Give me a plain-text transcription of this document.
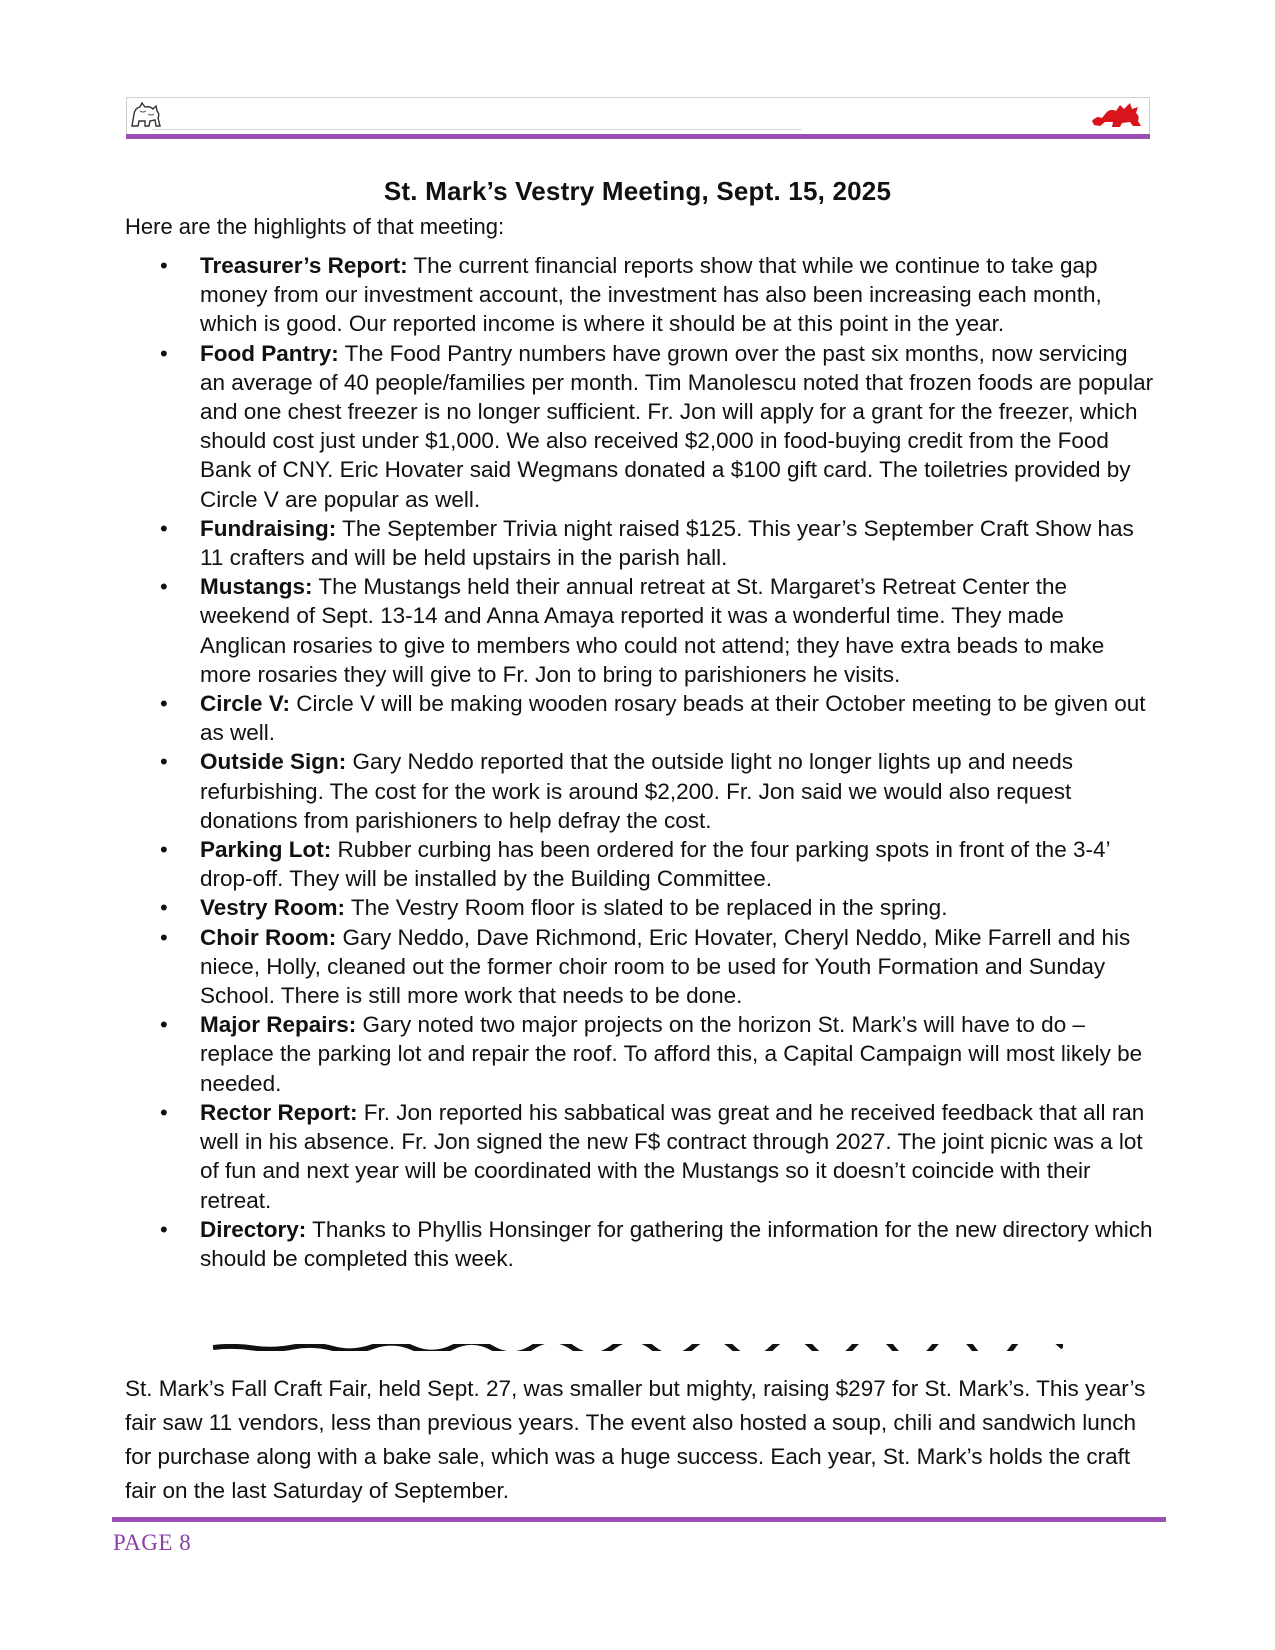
St. Mark’s Vestry Meeting, Sept. 15, 2025
Here are the highlights of that meeting:
• Treasurer’s Report: The current financial reports show that while we continue to take gap money from our investment account, the investment has also been increasing each month, which is good. Our reported income is where it should be at this point in the year.
• Food Pantry: The Food Pantry numbers have grown over the past six months, now servicing an average of 40 people/families per month. Tim Manolescu noted that frozen foods are popular and one chest freezer is no longer sufficient. Fr. Jon will apply for a grant for the freezer, which should cost just under $1,000. We also received $2,000 in food-buying credit from the Food Bank of CNY. Eric Hovater said Wegmans donated a $100 gift card. The toiletries provided by Circle V are popular as well.
• Fundraising: The September Trivia night raised $125. This year’s September Craft Show has 11 crafters and will be held upstairs in the parish hall.
• Mustangs: The Mustangs held their annual retreat at St. Margaret’s Retreat Center the weekend of Sept. 13-14 and Anna Amaya reported it was a wonderful time. They made Anglican rosaries to give to members who could not attend; they have extra beads to make more rosaries they will give to Fr. Jon to bring to parishioners he visits.
• Circle V: Circle V will be making wooden rosary beads at their October meeting to be given out as well.
• Outside Sign: Gary Neddo reported that the outside light no longer lights up and needs refurbishing. The cost for the work is around $2,200. Fr. Jon said we would also request donations from parishioners to help defray the cost.
• Parking Lot: Rubber curbing has been ordered for the four parking spots in front of the 3-4’ drop-off. They will be installed by the Building Committee.
• Vestry Room: The Vestry Room floor is slated to be replaced in the spring.
• Choir Room: Gary Neddo, Dave Richmond, Eric Hovater, Cheryl Neddo, Mike Farrell and his niece, Holly, cleaned out the former choir room to be used for Youth Formation and Sunday School. There is still more work that needs to be done.
• Major Repairs: Gary noted two major projects on the horizon St. Mark’s will have to do – replace the parking lot and repair the roof. To afford this, a Capital Campaign will most likely be needed.
• Rector Report: Fr. Jon reported his sabbatical was great and he received feedback that all ran well in his absence. Fr. Jon signed the new F$ contract through 2027. The joint picnic was a lot of fun and next year will be coordinated with the Mustangs so it doesn’t coincide with their retreat.
• Directory: Thanks to Phyllis Honsinger for gathering the information for the new directory which should be completed this week.

St. Mark’s Fall Craft Fair, held Sept. 27, was smaller but mighty, raising $297 for St. Mark’s. This year’s fair saw 11 vendors, less than previous years. The event also hosted a soup, chili and sandwich lunch for purchase along with a bake sale, which was a huge success. Each year, St. Mark’s holds the craft fair on the last Saturday of September.

PAGE 8
